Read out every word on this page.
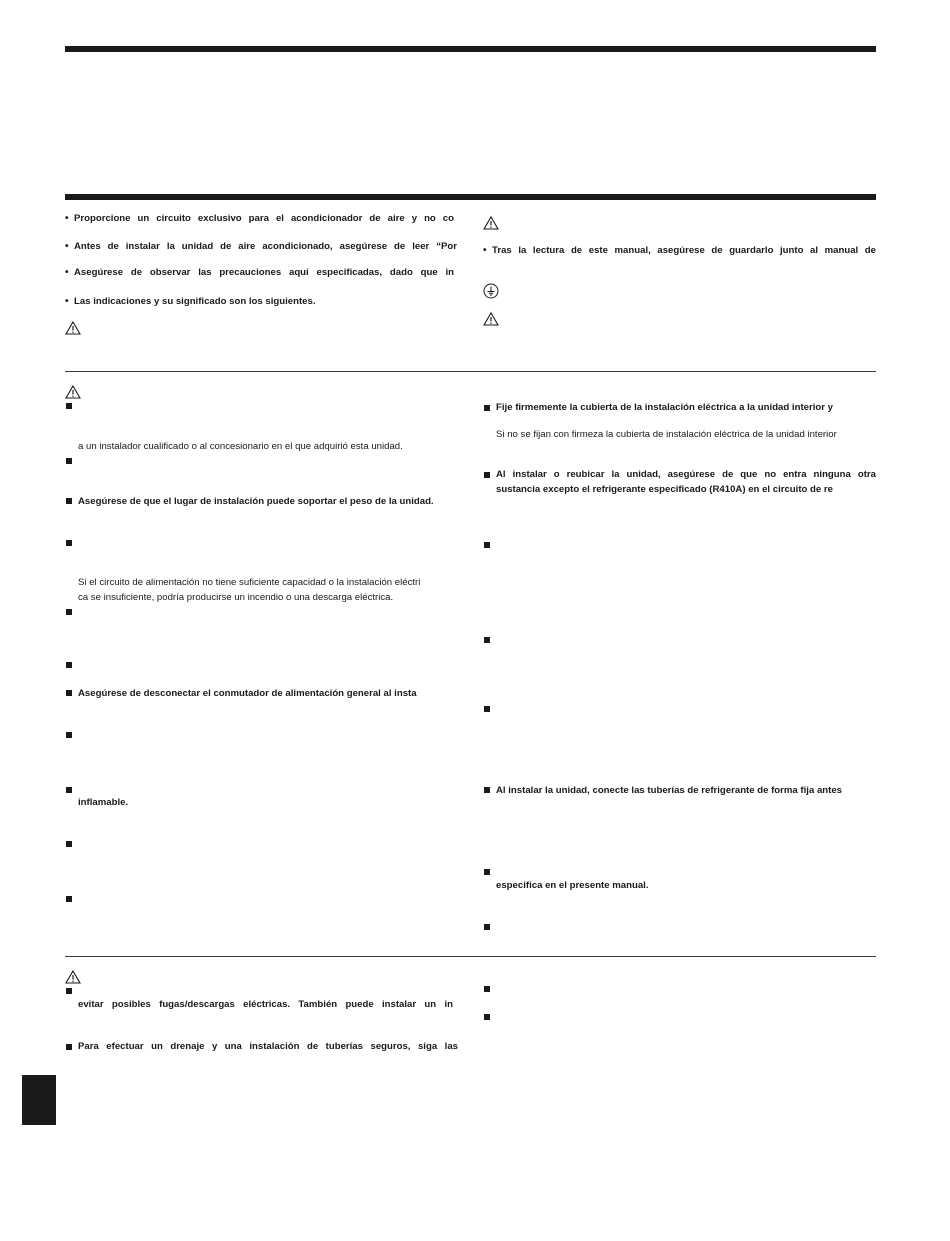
• Proporcione un circuito exclusivo para el acondicionador de aire y no co
• Antes de instalar la unidad de aire acondicionado, asegúrese de leer “Por
• Asegúrese de observar las precauciones aquí especificadas, dado que in
• Las indicaciones y su significado son los siguientes.
• Tras la lectura de este manual, asegúrese de guardarlo junto al manual de
a un instalador cualificado o al concesionario en el que adquirió esta unidad.
Asegúrese de que el lugar de instalación puede soportar el peso de la unidad.
Si el circuito de alimentación no tiene suficiente capacidad o la instalación eléctri
ca se insuficiente, podría producirse un incendio o una descarga eléctrica.
Asegúrese de desconectar el conmutador de alimentación general al insta
inflamable.
Fije firmemente la cubierta de la instalación eléctrica a la unidad interior y
Si no se fijan con firmeza la cubierta de instalación eléctrica de la unidad interior
Al instalar o reubicar la unidad, asegúrese de que no entra ninguna otra
sustancia excepto el refrigerante especificado (R410A) en el circuito de re
Al instalar la unidad, conecte las tuberías de refrigerante de forma fija antes
especifica en el presente manual.
evitar posibles fugas/descargas eléctricas. También puede instalar un in
Para efectuar un drenaje y una instalación de tuberías seguros, siga las
